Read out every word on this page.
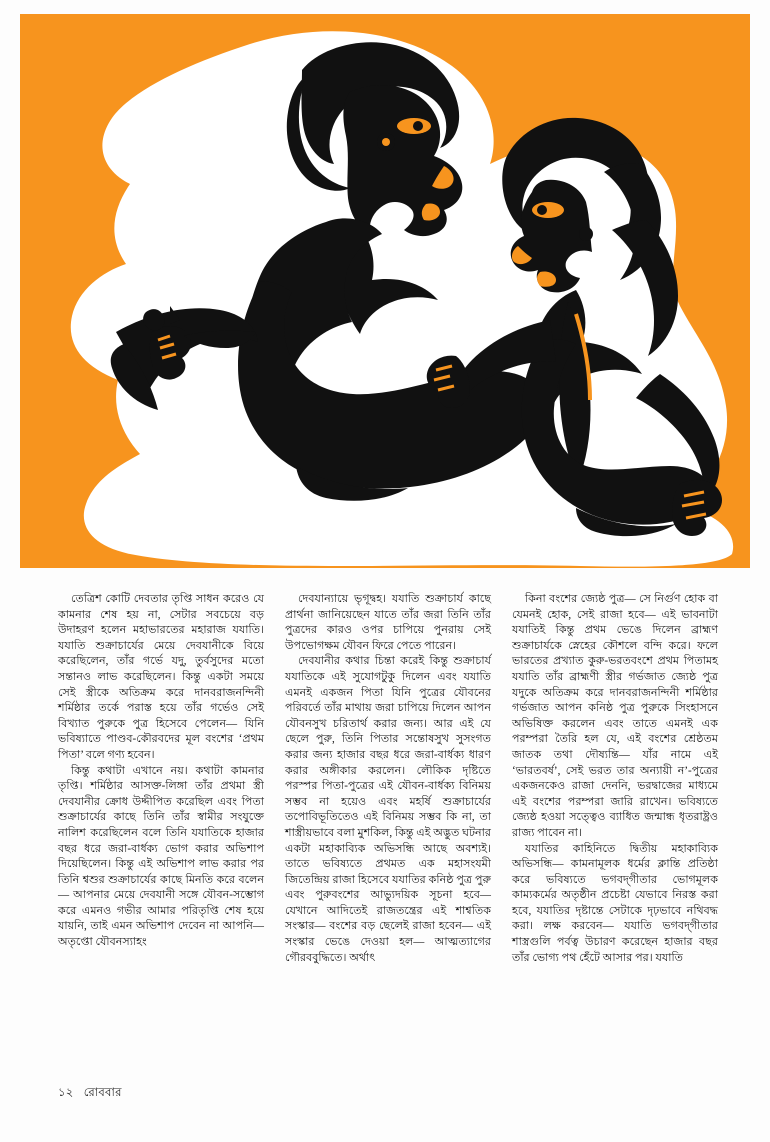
তেত্রিশ কোটি দেবতার তৃপ্তি সাধন করেও যে কামনার শেষ হয় না, সেটার সবচেয়ে বড় উদাহরণ হলেন মহাভারতের মহারাজ যযাতি। যযাতি শুক্রাচার্যের মেয়ে দেবযানীকে বিয়ে করেছিলেন, তাঁর গর্ভে যদু, তুর্বসুদের মতো সন্তানও লাভ করেছিলেন। কিন্তু একটা সময়ে সেই স্ত্রীকে অতিক্রম করে দানবরাজনন্দিনী শর্মিষ্ঠার তর্কে পরাস্ত হয়ে তাঁর গর্ভেও সেই বিখ্যাত পুরুকে পুত্র হিসেবে পেলেন— যিনি ভবিষ্যাতে পাণ্ডব-কৌরবদের মূল বংশের ‘প্রথম পিতা’ বলে গণ্য হবেন।

কিন্তু কথাটা এখানে নয়। কথাটা কামনার তৃপ্তি। শর্মিষ্ঠার আসক্ত-লিঙ্গা তাঁর প্রথমা স্ত্রী দেবযানীর ক্রোধ উদ্দীপিত করেছিল এবং পিতা শুক্রাচার্যের কাছে তিনি তাঁর স্বামীর সংযুক্তে নালিশ করেছিলেন বলে তিনি যযাতিকে হাজার বছর ধরে জরা-বার্ধক্য ভোগ করার অভিশাপ দিয়েছিলেন। কিন্তু এই অভিশাপ লাভ করার পর তিনি শ্বশুর শুক্রাচার্যের কাছে মিনতি করে বলেন— আপনার মেয়ে দেবযানী সঙ্গে যৌবন-সম্ভোগ করে এমনও গভীর আমার পরিতৃপ্তি শেষ হয়ে যায়নি, তাই এমন অভিশাপ দেবেন না আপনি— অতৃপ্তো যৌবনস্যাহং

দেবযান্যায়ে ভৃগূদ্বহ। যযাতি শুক্রাচার্য কাছে প্রার্থনা জানিয়েছেন যাতে তাঁর জরা তিনি তাঁর পুত্রদের কারও ওপর চাপিয়ে পুনরায় সেই উপভোগক্ষম যৌবন ফিরে পেতে পারেন।

দেবযানীর কথার চিন্তা করেই কিন্তু শুক্রাচার্য যযাতিকে এই সুযোগটুকু দিলেন এবং যযাতি এমনই একজন পিতা যিনি পুত্রের যৌবনের পরিবর্তে তাঁর মাথায় জরা চাপিয়ে দিলেন আপন যৌবনসুখ চরিতার্থ করার জন্য। আর এই যে ছেলে পুরু, তিনি পিতার সন্তোষসুখ সুসংগত করার জন্য হাজার বছর ধরে জরা-বার্ধক্য ধারণ করার অঙ্গীকার করলেন। লৌকিক দৃষ্টিতে পরস্পর পিতা-পুত্রের এই যৌবন-বার্ধক্য বিনিময় সম্ভব না হয়েও এবং মহর্ষি শুক্রাচার্যের তপোবিভূতিতেও এই বিনিময় সম্ভব কি না, তা শাস্ত্রীয়ভাবে বলা মুশকিল, কিন্তু এই অদ্ভুত ঘটনার একটা মহাকাব্যিক অভিসন্ধি আছে অবশ্যই। তাতে ভবিষ্যতে প্রথমত এক মহাসংযমী জিতেন্দ্রিয় রাজা হিসেবে যযাতির কনিষ্ঠ পুত্র পুরু এবং পুরুবংশের আভ্যুদয়িক সূচনা হবে— যেখানে আদিতেই রাজতন্ত্রের এই শাশ্বতিক সংস্কার— বংশের বড় ছেলেই রাজা হবেন— এই সংস্কার ভেঙে দেওয়া হল— আত্মত্যাগের গৌরববুদ্ধিতে। অর্থাৎ

কিনা বংশের জ্যেষ্ঠ পুত্র— সে নির্গুণ হোক বা যেমনই হোক, সেই রাজা হবে— এই ভাবনাটা যযাতিই কিন্তু প্রথম ভেঙে দিলেন ব্রাহ্মণ শুক্রাচার্যকে স্নেহের কৌশলে বন্দি করে। ফলে ভারতের প্রখ্যাত কুরু-ভরতবংশে প্রথম পিতামহ যযাতি তাঁর ব্রাহ্মণী স্ত্রীর গর্ভজাত জ্যেষ্ঠ পুত্র যদুকে অতিক্রম করে দানবরাজনন্দিনী শর্মিষ্ঠার গর্ভজাত আপন কনিষ্ঠ পুত্র পুরুকে সিংহাসনে অভিষিক্ত করলেন এবং তাতে এমনই এক পরম্পরা তৈরি হল যে, এই বংশের শ্রেষ্ঠতম জাতক তথা দৌষ্যন্তি— যাঁর নামে এই ‘ভারতবর্ষ’, সেই ভরত তার অন্যায়ী ন’-পুত্রের একজনকেও রাজা দেননি, ভরদ্বাজের মাধ্যমে এই বংশের পরম্পরা জারি রাখেন। ভবিষ্যতে জ্যেষ্ঠ হওয়া সত্ত্বেও ব্যাধিত জন্মান্ধ ধৃতরাষ্ট্রও রাজ্য পাবেন না।

যযাতির কাহিনিতে দ্বিতীয় মহাকাব্যিক অভিসন্ধি— কামনামূলক ধর্মের ক্লান্তি প্রতিষ্ঠা করে ভবিষ্যতে ভগবদ্‌গীতার ভোগমূলক কাম্যকর্মের অতৃষ্ঠীন প্রচেষ্টা যেভাবে নিরস্ত করা হবে, যযাতির দৃষ্টান্তে সেটাকে দৃঢ়ভাবে নথিবদ্ধ করা। লক্ষ করবেন— যযাতি ভগবদ্‌গীতার শাস্ত্রগুলি পর্বত্ব উচারণ করেছেন হাজার বছর তাঁর ভোগ্য পথ হেঁটে আসার পর। যযাতি

১২ রোববার
